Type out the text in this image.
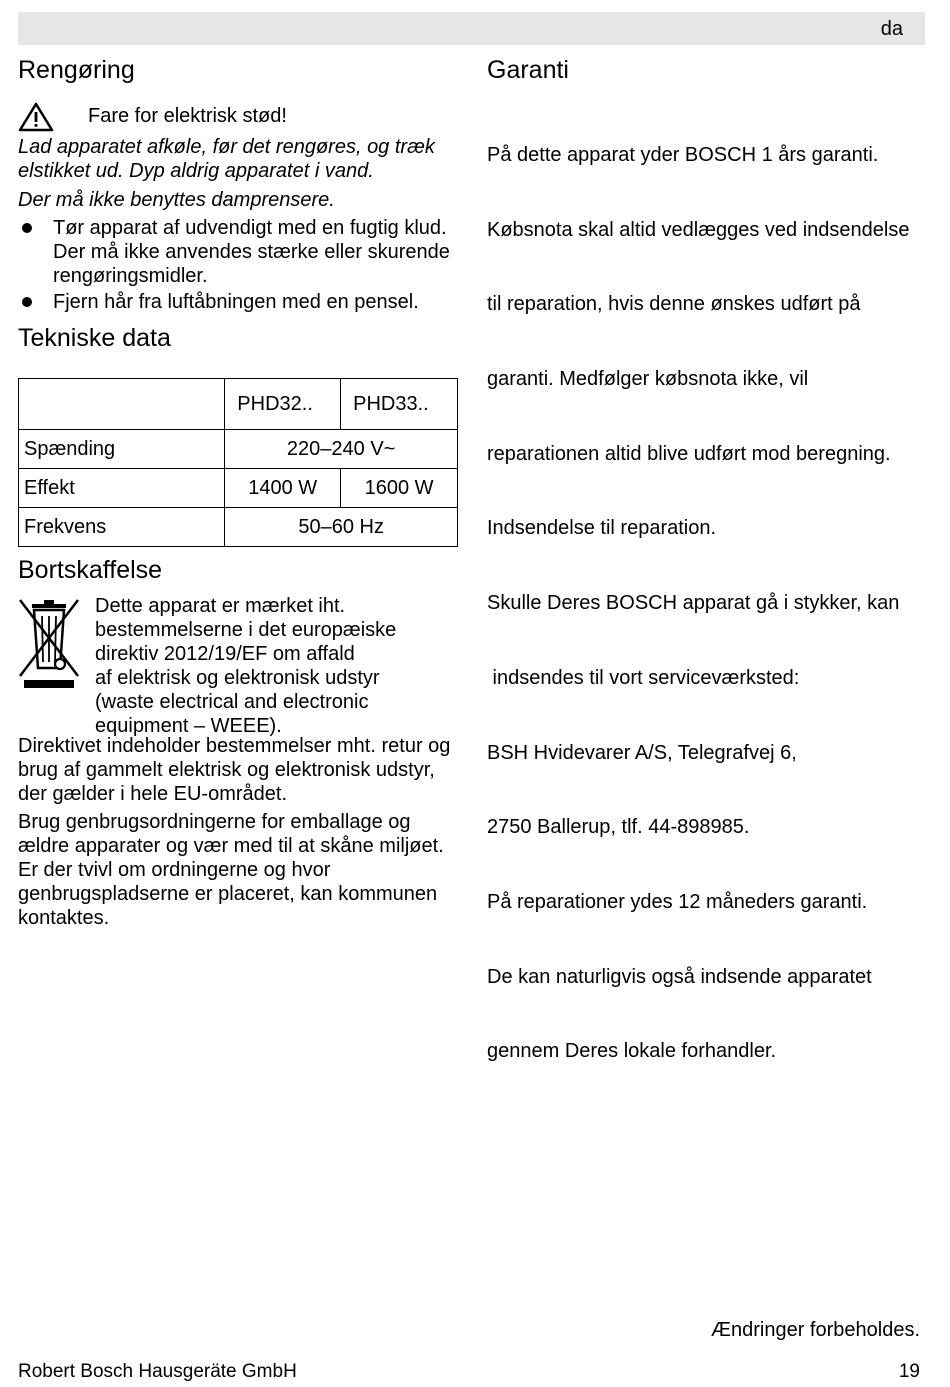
da
Rengøring
Fare for elektrisk stød!
Lad apparatet afkøle, før det rengøres, og træk elstikket ud. Dyp aldrig apparatet i vand.
Der må ikke benyttes damprensere.
Tør apparat af udvendigt med en fugtig klud. Der må ikke anvendes stærke eller skurende rengøringsmidler.
Fjern hår fra luftåbningen med en pensel.
Tekniske data
	PHD32..	PHD33..
Spænding	220–240 V~	
Effekt	1400 W	1600 W
Frekvens	50–60 Hz	
Bortskaffelse
Dette apparat er mærket iht.
bestemmelserne i det europæiske
direktiv 2012/19/EF om affald
af elektrisk og elektronisk udstyr
(waste electrical and electronic
equipment – WEEE).
Direktivet indeholder bestemmelser mht. retur og brug af gammelt elektrisk og elektronisk udstyr, der gælder i hele EU-området.
Brug genbrugsordningerne for emballage og ældre apparater og vær med til at skåne miljøet. Er der tvivl om ordningerne og hvor genbrugspladserne er placeret, kan kommunen kontaktes.
Garanti

På dette apparat yder BOSCH 1 års garanti.

Købsnota skal altid vedlægges ved indsendelse

til reparation, hvis denne ønskes udført på

garanti. Medfølger købsnota ikke, vil

reparationen altid blive udført mod beregning.

Indsendelse til reparation.

Skulle Deres BOSCH apparat gå i stykker, kan

indsendes til vort serviceværksted:

BSH Hvidevarer A/S, Telegrafvej 6,

2750 Ballerup, tlf. 44-898985.

På reparationer ydes 12 måneders garanti.

De kan naturligvis også indsende apparatet

gennem Deres lokale forhandler.

Ændringer forbeholdes.
Robert Bosch Hausgeräte GmbH	19
